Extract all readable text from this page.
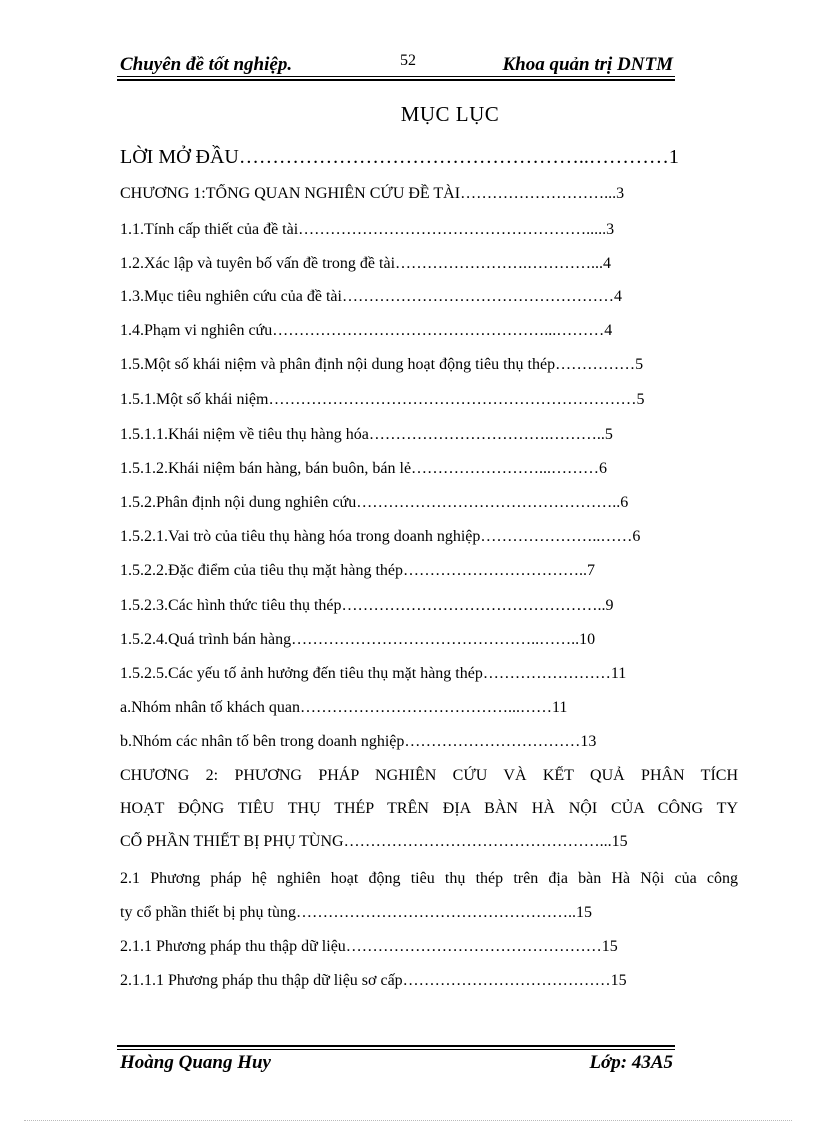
Chuyên đề tốt nghiệp.	52	Khoa quản trị DNTM
MỤC LỤC
LỜI MỞ ĐẦU……………………………………………..…………1
CHƯƠNG 1:TỔNG QUAN NGHIÊN CỨU ĐỀ TÀI………………………...3
1.1.Tính cấp thiết của đề tài……………………………………………….....3
1.2.Xác lập và tuyên bố vấn đề trong đề tài…………………….…………...4
1.3.Mục tiêu nghiên cứu của đề tài……………………………………………4
1.4.Phạm vi nghiên cứu……………………………………………...………4
1.5.Một số khái niệm và phân định nội dung hoạt động tiêu thụ thép……………5
1.5.1.Một số khái niệm……………………………………………………………5
1.5.1.1.Khái niệm về tiêu thụ hàng hóa…………………………….………..5
1.5.1.2.Khái niệm bán hàng, bán buôn, bán lẻ……………………...………6
1.5.2.Phân định nội dung nghiên cứu…………………………………………..6
1.5.2.1.Vai trò của tiêu thụ hàng hóa trong doanh nghiệp…………………..……6
1.5.2.2.Đặc điểm của tiêu thụ mặt hàng thép……………………………..7
1.5.2.3.Các hình thức tiêu thụ thép…………………………………………..9
1.5.2.4.Quá trình bán hàng………………………………………..……..10
1.5.2.5.Các yếu tố ảnh hưởng đến tiêu thụ mặt hàng thép……………………11
a.Nhóm nhân tố khách quan…………………………………...……11
b.Nhóm các nhân tố bên trong doanh nghiệp……………………………13
CHƯƠNG 2: PHƯƠNG PHÁP NGHIÊN CỨU VÀ KẾT QUẢ PHÂN TÍCH
HOẠT ĐỘNG TIÊU THỤ THÉP TRÊN ĐỊA BÀN HÀ NỘI CỦA CÔNG TY
CỔ PHẦN THIẾT BỊ PHỤ TÙNG…………………………………………...15
2.1 Phương pháp hệ nghiên hoạt động tiêu thụ thép trên địa bàn Hà Nội của công
ty cổ phần thiết bị phụ tùng……………………………………………..15
2.1.1 Phương pháp thu thập dữ liệu…………………………………………15
2.1.1.1 Phương pháp thu thập dữ liệu sơ cấp…………………………………15
Hoàng Quang Huy	Lớp: 43A5
